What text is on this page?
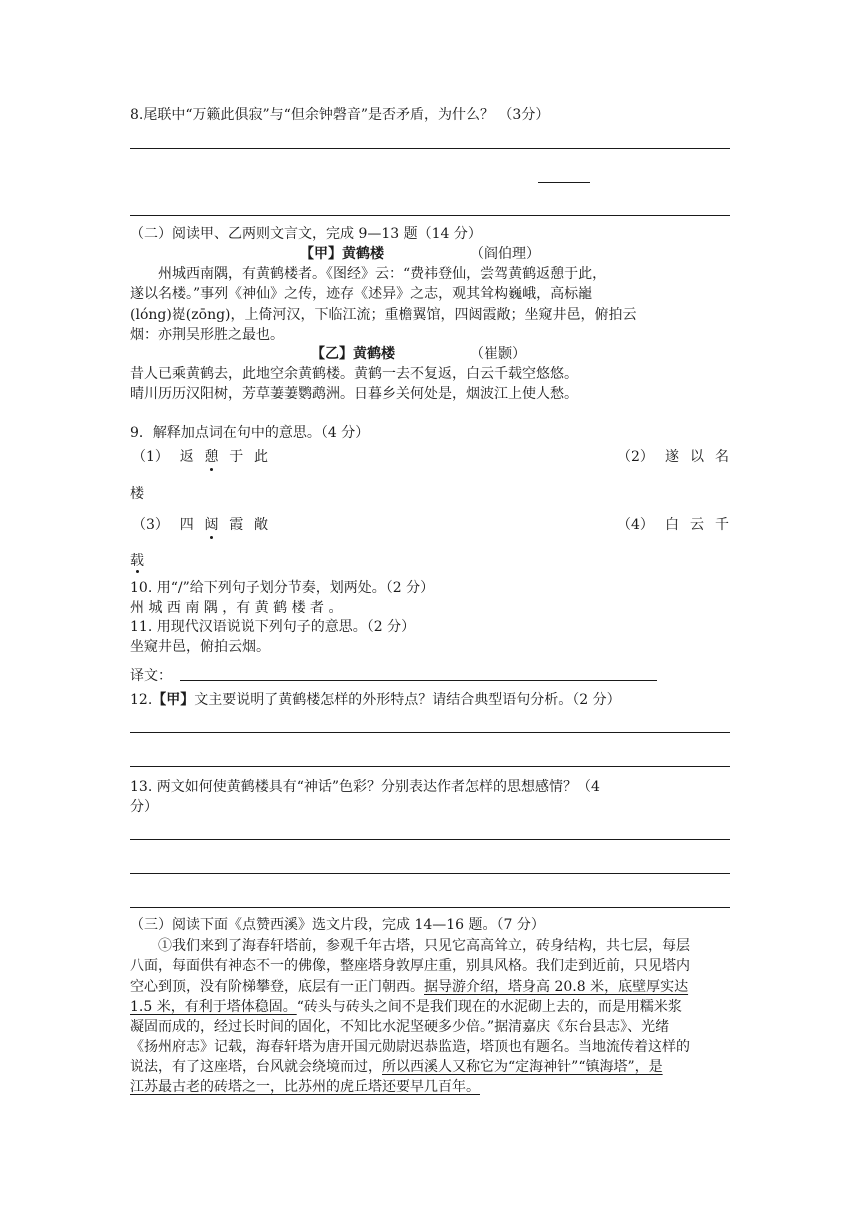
8.尾联中“万籁此俱寂”与“但余钟磬音”是否矛盾，为什么？ （3分）
（二）阅读甲、乙两则文言文，完成 9—13 题（14 分）
【甲】黄鹤楼	（阎伯理）
州城西南隅，有黄鹤楼者。《图经》云：“费祎登仙，尝驾黄鹤返憩于此，
遂以名楼。”事列《神仙》之传，迹存《述异》之志，观其耸构巍峨，高标巃
(lóng)嵸(zōng)，上倚河汉，下临江流；重檐翼馆，四闼霞敞；坐窥井邑，俯拍云
烟：亦荆吴形胜之最也。
【乙】黄鹤楼	（崔颢）
昔人已乘黄鹤去，此地空余黄鹤楼。黄鹤一去不复返，白云千载空悠悠。
晴川历历汉阳树，芳草萋萋鹦鹉洲。日暮乡关何处是，烟波江上使人愁。
9．解释加点词在句中的意思。（4 分）
（1） 返 憩 于 此	（2） 遂 以 名
楼
（3） 四 闼 霞 敞	（4） 白 云 千
载
10. 用“/”给下列句子划分节奏，划两处。（2 分）
州 城 西 南 隅 ，有 黄 鹤 楼 者 。
11. 用现代汉语说说下列句子的意思。（2 分）
坐窥井邑，俯拍云烟。
译文：
12.【甲】文主要说明了黄鹤楼怎样的外形特点？请结合典型语句分析。（2 分）
13. 两文如何使黄鹤楼具有“神话”色彩？分别表达作者怎样的思想感情？（4
分）
（三）阅读下面《点赞西溪》选文片段，完成 14—16 题。（7 分）
①我们来到了海春轩塔前，参观千年古塔，只见它高高耸立，砖身结构，共七层，每层
八面，每面供有神态不一的佛像，整座塔身敦厚庄重，别具风格。我们走到近前，只见塔内
空心到顶，没有阶梯攀登，底层有一正门朝西。据导游介绍，塔身高 20.8 米，底壁厚实达
1.5 米，有利于塔体稳固。“砖头与砖头之间不是我们现在的水泥砌上去的，而是用糯米浆
凝固而成的，经过长时间的固化，不知比水泥坚硬多少倍。”据清嘉庆《东台县志》、光绪
《扬州府志》记载，海春轩塔为唐开国元勋尉迟恭监造，塔顶也有题名。当地流传着这样的
说法，有了这座塔，台风就会绕境而过，所以西溪人又称它为“定海神针”“镇海塔”，是
江苏最古老的砖塔之一，比苏州的虎丘塔还要早几百年。
